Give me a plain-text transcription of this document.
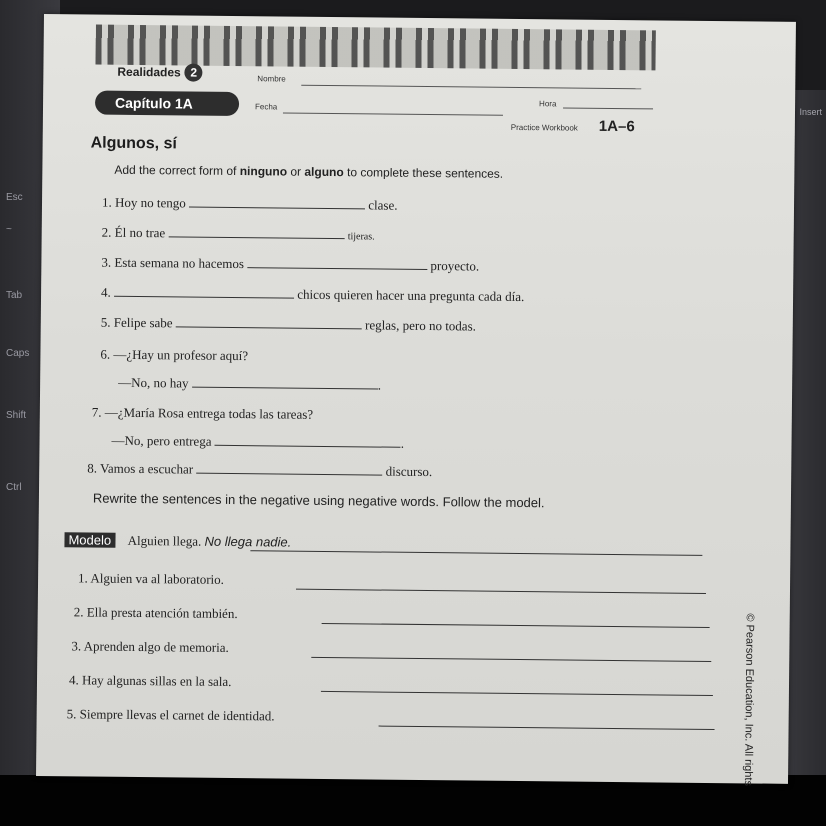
Esc
~
Tab
Caps
Shift
Ctrl
Insert
Realidades 2	Nombre
Capítulo 1A	Fecha	Hora
Practice Workbook 1A–6
Algunos, sí
Add the correct form of ninguno or alguno to complete these sentences.
1. Hoy no tengo	clase.
2. Él no trae	tijeras.
3. Esta semana no hacemos	proyecto.
4.	chicos quieren hacer una pregunta cada día.
5. Felipe sabe	reglas, pero no todas.
6. —¿Hay un profesor aquí?
—No, no hay	.
7. —¿María Rosa entrega todas las tareas?
—No, pero entrega	.
8. Vamos a escuchar	discurso.
Rewrite the sentences in the negative using negative words. Follow the model.
Modelo Alguien llega. No llega nadie.
1. Alguien va al laboratorio.
2. Ella presta atención también.
3. Aprenden algo de memoria.
4. Hay algunas sillas en la sala.
5. Siempre llevas el carnet de identidad.	© Pearson Education, Inc. All rights
